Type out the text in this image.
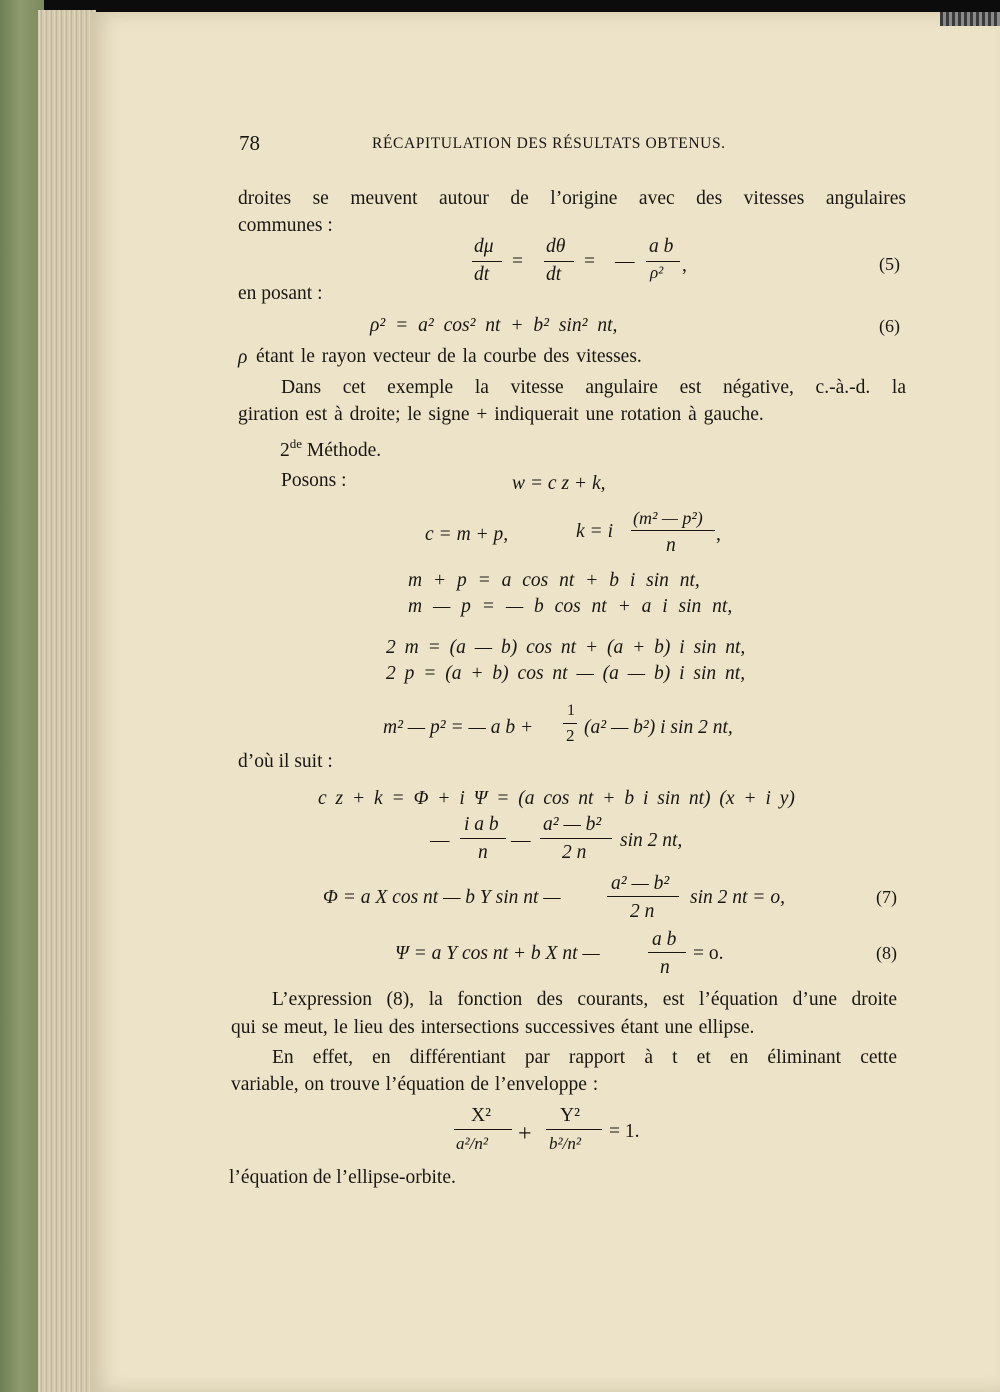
78	RÉCAPITULATION DES RÉSULTATS OBTENUS.
droites se meuvent autour de l’origine avec des vitesses angulaires
communes :
dμ
dt
=
dθ
dt
= —
a b
ρ² ,	(5)
en posant :
ρ² = a² cos² nt + b² sin² nt,	(6)
ρ étant le rayon vecteur de la courbe des vitesses.
Dans cet exemple la vitesse angulaire est négative, c.-à.-d. la
giration est à droite; le signe + indiquerait une rotation à gauche.
2de Méthode.
Posons :	w = c z + k,
c = m + p,	k = i
(m² — p²)
n
,
m + p = a cos nt + b i sin nt,
m — p = — b cos nt + a i sin nt,
2 m = (a — b) cos nt + (a + b) i sin nt,
2 p = (a + b) cos nt — (a — b) i sin nt,
m² — p² = — a b +
1
2 (a² — b²) i sin 2 nt,
d’où il suit :
c z + k = Φ + i Ψ = (a cos nt + b i sin nt) (x + i y)
—
i a b
n
—
a² — b²
2 n
sin 2 nt,
Φ = a X cos nt — b Y sin nt —
a² — b²
2 n
sin 2 nt = o,	(7)
Ψ = a Y cos nt + b X nt —
a b
n
= o.	(8)
L’expression (8), la fonction des courants, est l’équation d’une droite
qui se meut, le lieu des intersections successives étant une ellipse.
En effet, en différentiant par rapport à t et en éliminant cette
variable, on trouve l’équation de l’enveloppe :
X²
a²/n² +
Y²
b²/n²
= 1.
l’équation de l’ellipse-orbite.
